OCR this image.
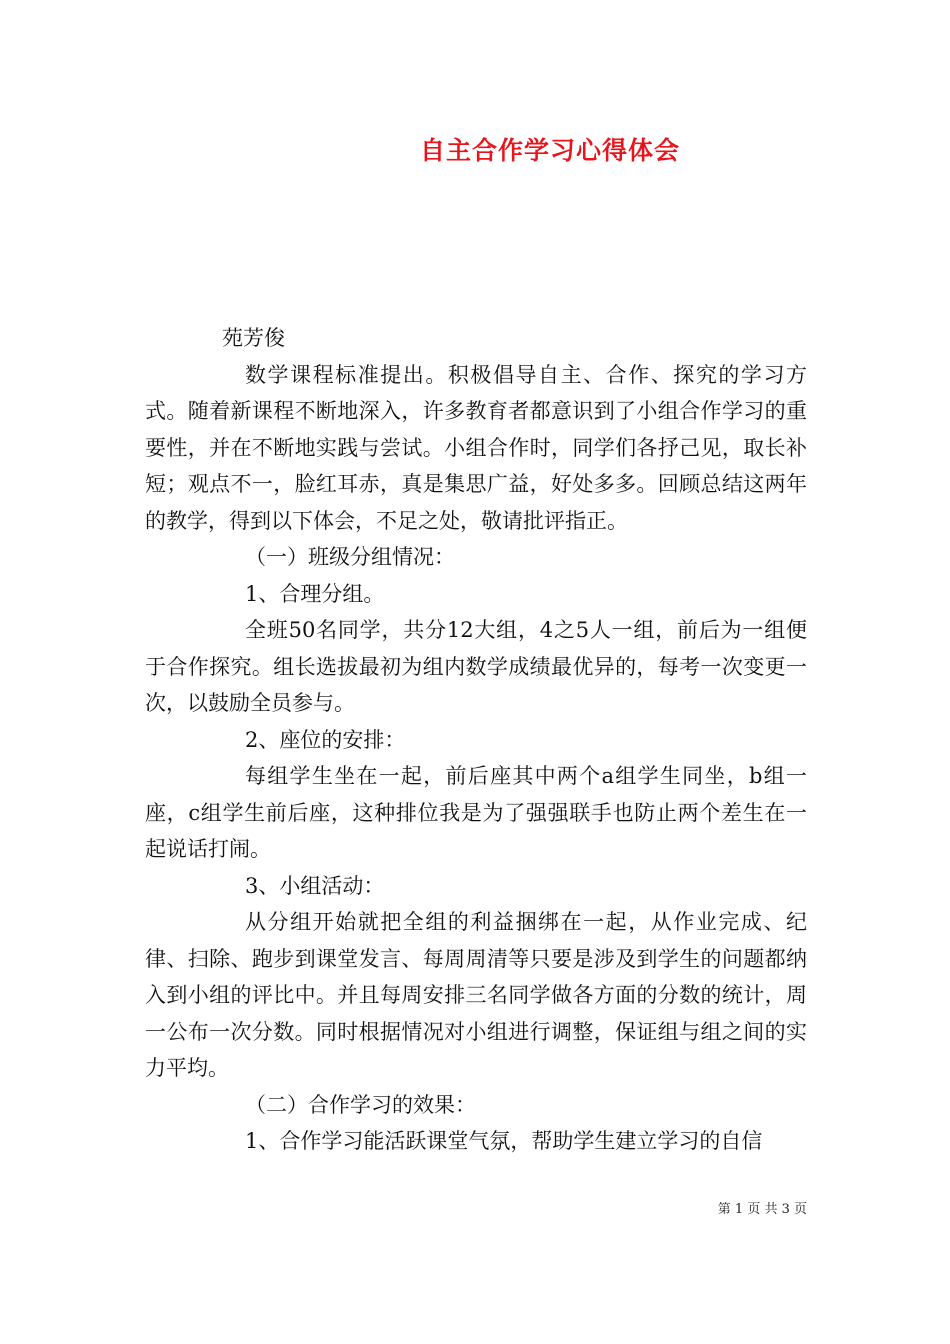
自主合作学习心得体会

苑芳俊

数学课程标准提出。积极倡导自主、合作、探究的学习方式。随着新课程不断地深入，许多教育者都意识到了小组合作学习的重要性，并在不断地实践与尝试。小组合作时，同学们各抒己见，取长补短；观点不一，脸红耳赤，真是集思广益，好处多多。回顾总结这两年的教学，得到以下体会，不足之处，敬请批评指正。

（一）班级分组情况：

1、合理分组。

全班50名同学，共分12大组，4之5人一组，前后为一组便于合作探究。组长选拔最初为组内数学成绩最优异的，每考一次变更一次，以鼓励全员参与。

2、座位的安排：

每组学生坐在一起，前后座其中两个a组学生同坐，b组一座，c组学生前后座，这种排位我是为了强强联手也防止两个差生在一起说话打闹。

3、小组活动：

从分组开始就把全组的利益捆绑在一起，从作业完成、纪律、扫除、跑步到课堂发言、每周周清等只要是涉及到学生的问题都纳入到小组的评比中。并且每周安排三名同学做各方面的分数的统计，周一公布一次分数。同时根据情况对小组进行调整，保证组与组之间的实力平均。

（二）合作学习的效果：

1、合作学习能活跃课堂气氛，帮助学生建立学习的自信

第 1 页 共 3 页
